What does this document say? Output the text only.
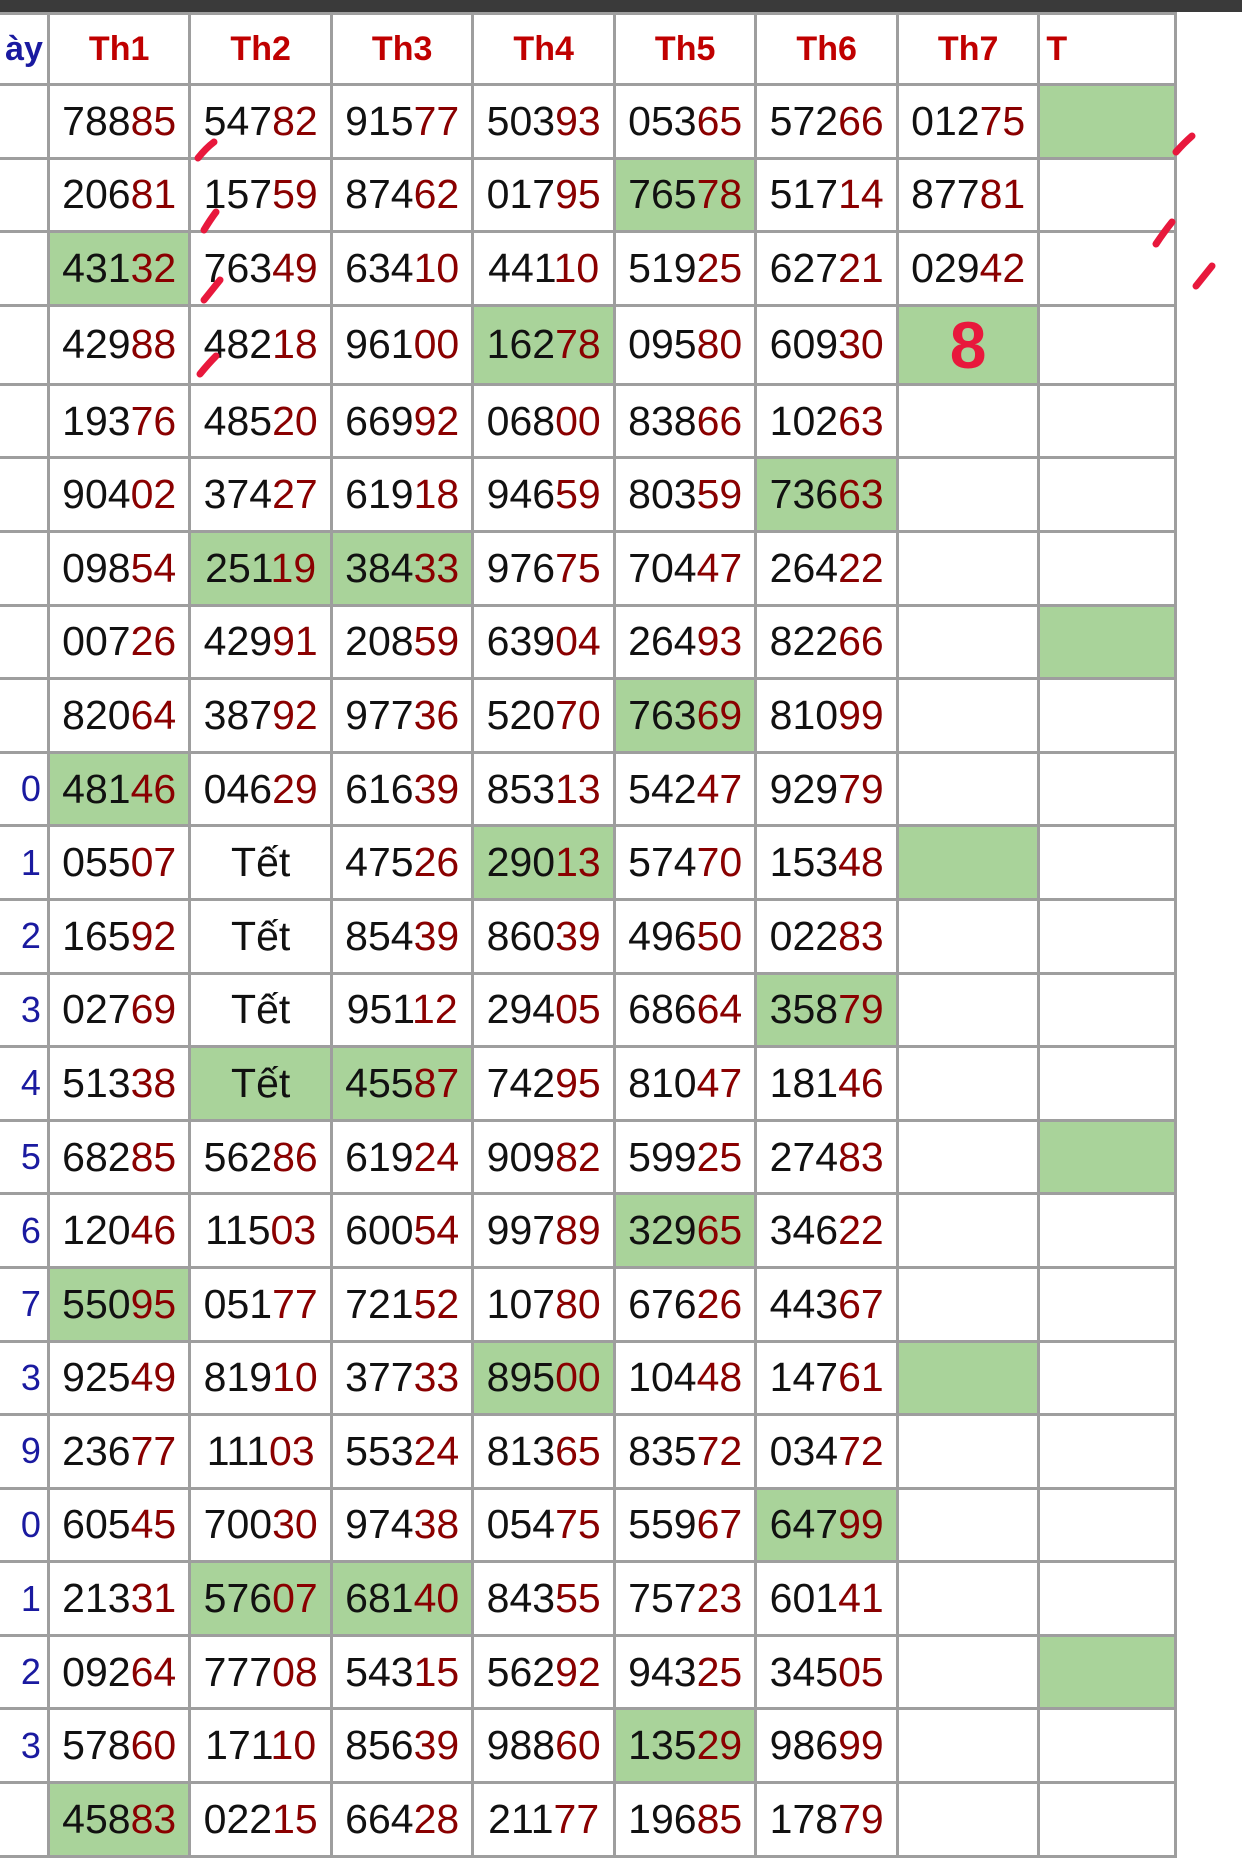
ày	Th1	Th2	Th3	Th4	Th5	Th6	Th7	T
	78885	54782	91577	50393	05365	57266	01275	
	20681	15759	87462	01795	76578	51714	87781	
	43132	76349	63410	44110	51925	62721	02942	
	42988	48218	96100	16278	09580	60930	8	
	19376	48520	66992	06800	83866	10263		
	90402	37427	61918	94659	80359	73663		
	09854	25119	38433	97675	70447	26422		
	00726	42991	20859	63904	26493	82266		
	82064	38792	97736	52070	76369	81099		
0	48146	04629	61639	85313	54247	92979		
1	05507	Tết	47526	29013	57470	15348		
2	16592	Tết	85439	86039	49650	02283		
3	02769	Tết	95112	29405	68664	35879		
4	51338	Tết	45587	74295	81047	18146		
5	68285	56286	61924	90982	59925	27483		
6	12046	11503	60054	99789	32965	34622		
7	55095	05177	72152	10780	67626	44367		
3	92549	81910	37733	89500	10448	14761		
9	23677	11103	55324	81365	83572	03472		
0	60545	70030	97438	05475	55967	64799		
1	21331	57607	68140	84355	75723	60141		
2	09264	77708	54315	56292	94325	34505		
3	57860	17110	85639	98860	13529	98699		
	45883	02215	66428	21177	19685	17879		
